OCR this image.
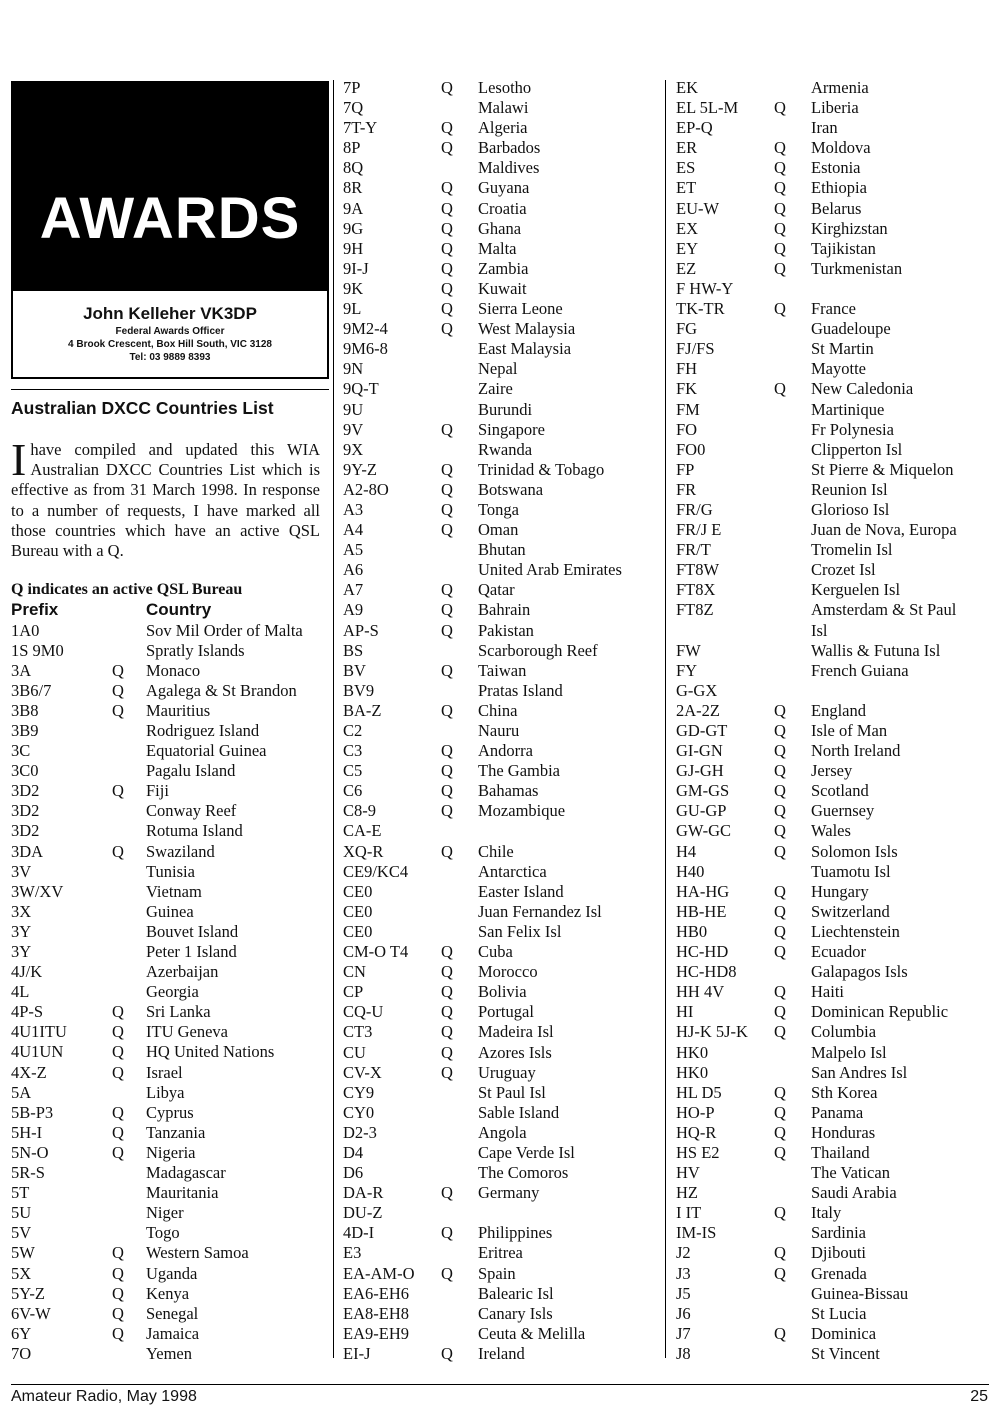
AWARDS
John Kelleher VK3DP
Federal Awards Officer
4 Brook Crescent, Box Hill South, VIC 3128
Tel: 03 9889 8393
Australian DXCC Countries List
Ihave compiled and updated this WIA Australian DXCC Countries List which is effective as from 31 March 1998. In response to a number of requests, I have marked all those countries which have an active QSL Bureau with a Q.
Q indicates an active QSL Bureau
Prefix	Country
1A0	Sov Mil Order of Malta
1S 9M0	Spratly Islands
3A	Q Monaco
3B6/7	Q Agalega & St Brandon
3B8	Q Mauritius
3B9	Rodriguez Island
3C	Equatorial Guinea
3C0	Pagalu Island
3D2	Q Fiji
3D2	Conway Reef
3D2	Rotuma Island
3DA	Q Swaziland
3V	Tunisia
3W/XV	Vietnam
3X	Guinea
3Y	Bouvet Island
3Y	Peter 1 Island
4J/K	Azerbaijan
4L	Georgia
4P-S	Q Sri Lanka
4U1ITU	Q ITU Geneva
4U1UN	Q HQ United Nations
4X-Z	Q Israel
5A	Libya
5B-P3	Q Cyprus
5H-I	Q Tanzania
5N-O	Q Nigeria
5R-S	Madagascar
5T	Mauritania
5U	Niger
5V	Togo
5W	Q Western Samoa
5X	Q Uganda
5Y-Z	Q Kenya
6V-W	Q Senegal
6Y	Q Jamaica
7O	Yemen
7P	Q Lesotho
7Q	Malawi
7T-Y	Q Algeria
8P	Q Barbados
8Q	Maldives
8R	Q Guyana
9A	Q Croatia
9G	Q Ghana
9H	Q Malta
9I-J	Q Zambia
9K	Q Kuwait
9L	Q Sierra Leone
9M2-4	Q West Malaysia
9M6-8	East Malaysia
9N	Nepal
9Q-T	Zaire
9U	Burundi
9V	Q Singapore
9X	Rwanda
9Y-Z	Q Trinidad & Tobago
A2-8O	Q Botswana
A3	Q Tonga
A4	Q Oman
A5	Bhutan
A6	United Arab Emirates
A7	Q Qatar
A9	Q Bahrain
AP-S	Q Pakistan
BS	Scarborough Reef
BV	Q Taiwan
BV9	Pratas Island
BA-Z	Q China
C2	Nauru
C3	Q Andorra
C5	Q The Gambia
C6	Q Bahamas
C8-9	Q Mozambique
CA-E
XQ-R	Q Chile
CE9/KC4	Antarctica
CE0	Easter Island
CE0	Juan Fernandez Isl
CE0	San Felix Isl
CM-O T4 Q Cuba
CN	Q Morocco
CP	Q Bolivia
CQ-U	Q Portugal
CT3	Q Madeira Isl
CU	Q Azores Isls
CV-X	Q Uruguay
CY9	St Paul Isl
CY0	Sable Island
D2-3	Angola
D4	Cape Verde Isl
D6	The Comoros
DA-R	Q Germany
DU-Z
4D-I	Q Philippines
E3	Eritrea
EA-AM-O Q Spain
EA6-EH6	Balearic Isl
EA8-EH8	Canary Isls
EA9-EH9	Ceuta & Melilla
EI-J	Q Ireland
EK	Armenia
EL 5L-M Q Liberia
EP-Q	Iran
ER	Q Moldova
ES	Q Estonia
ET	Q Ethiopia
EU-W	Q Belarus
EX	Q Kirghizstan
EY	Q Tajikistan
EZ	Q Turkmenistan
F HW-Y
TK-TR	Q France
FG	Guadeloupe
FJ/FS	St Martin
FH	Mayotte
FK	Q New Caledonia
FM	Martinique
FO	Fr Polynesia
FO0	Clipperton Isl
FP	St Pierre & Miquelon
FR	Reunion Isl
FR/G	Glorioso Isl
FR/J E	Juan de Nova, Europa
FR/T	Tromelin Isl
FT8W	Crozet Isl
FT8X	Kerguelen Isl
FT8Z	Amsterdam & St Paul
Isl
FW	Wallis & Futuna Isl
FY	French Guiana
G-GX
2A-2Z	Q England
GD-GT	Q Isle of Man
GI-GN	Q North Ireland
GJ-GH	Q Jersey
GM-GS	Q Scotland
GU-GP	Q Guernsey
GW-GC	Q Wales
H4	Q Solomon Isls
H40	Tuamotu Isl
HA-HG	Q Hungary
HB-HE	Q Switzerland
HB0	Q Liechtenstein
HC-HD	Q Ecuador
HC-HD8	Galapagos Isls
HH 4V	Q Haiti
HI	Q Dominican Republic
HJ-K 5J-K Q Columbia
HK0	Malpelo Isl
HK0	San Andres Isl
HL D5	Q Sth Korea
HO-P	Q Panama
HQ-R	Q Honduras
HS E2	Q Thailand
HV	The Vatican
HZ	Saudi Arabia
I IT	Q Italy
IM-IS	Sardinia
J2	Q Djibouti
J3	Q Grenada
J5	Guinea-Bissau
J6	St Lucia
J7	Q Dominica
J8	St Vincent
Amateur Radio, May 1998	25
